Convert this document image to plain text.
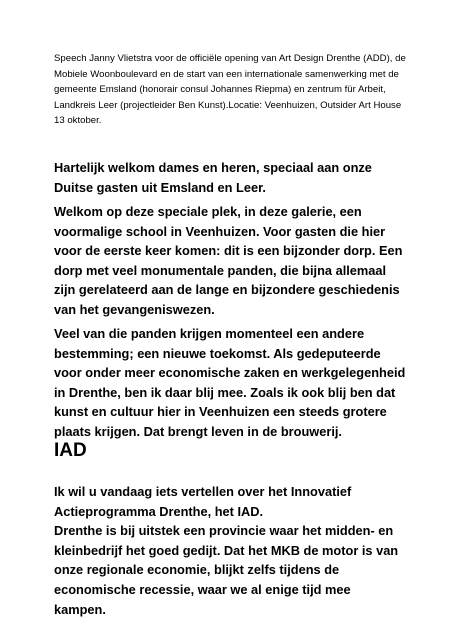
Speech Janny Vlietstra voor de officiële opening van Art Design Drenthe (ADD), de Mobiele Woonboulevard en de start van een internationale samenwerking met de gemeente Emsland (honorair consul Johannes Riepma) en zentrum für Arbeit, Landkreis Leer (projectleider Ben Kunst).Locatie: Veenhuizen, Outsider Art House 13 oktober.

Hartelijk welkom dames en heren, speciaal aan onze Duitse gasten uit Emsland en Leer.

Welkom op deze speciale plek, in deze galerie, een voormalige school in Veenhuizen. Voor gasten die hier voor de eerste keer komen: dit is een bijzonder dorp. Een dorp met veel monumentale panden, die bijna allemaal zijn gerelateerd aan de lange en bijzondere geschiedenis van het gevangeniswezen.

Veel van die panden krijgen momenteel een andere bestemming; een nieuwe toekomst. Als gedeputeerde voor onder meer economische zaken en werkgelegenheid in Drenthe, ben ik daar blij mee. Zoals ik ook blij ben dat kunst en cultuur hier in Veenhuizen een steeds grotere plaats krijgen. Dat brengt leven in de brouwerij.

IAD

Ik wil u vandaag iets vertellen over het Innovatief Actieprogramma Drenthe, het IAD.
Drenthe is bij uitstek een provincie waar het midden- en kleinbedrijf het goed gedijt. Dat het MKB de motor is van onze regionale economie, blijkt zelfs tijdens de economische recessie, waar we al enige tijd mee kampen.
